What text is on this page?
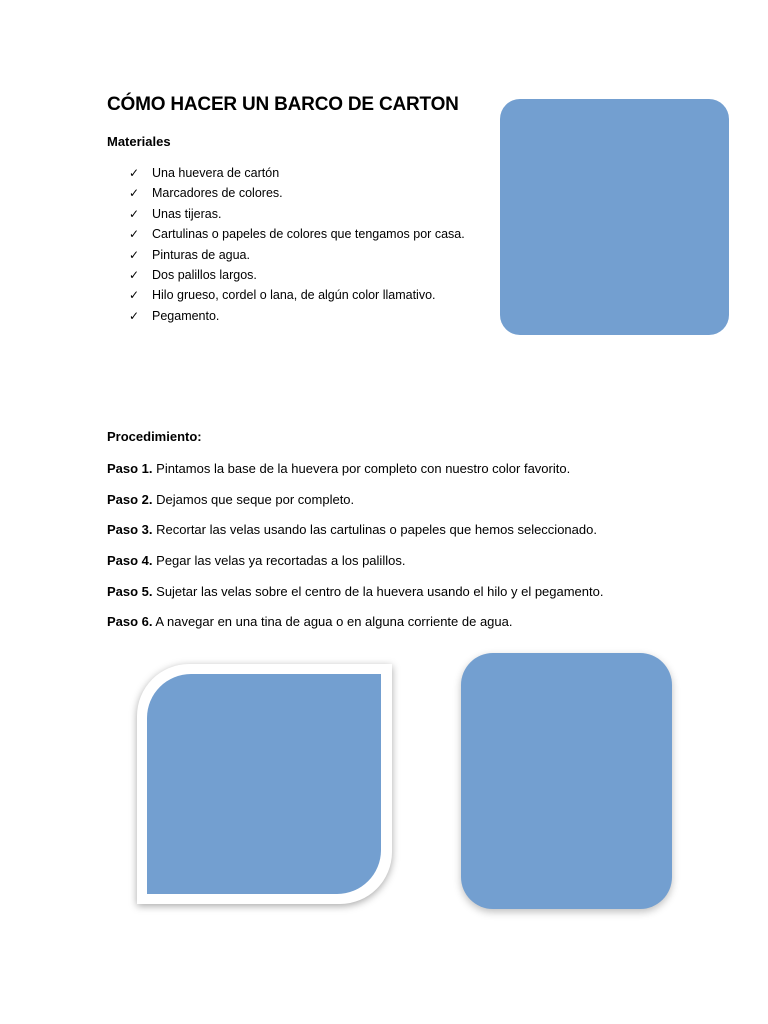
CÓMO HACER UN BARCO DE CARTON
Materiales
✓	Una huevera de cartón
✓	Marcadores de colores.
✓	Unas tijeras.
✓	Cartulinas o papeles de colores que tengamos por casa.
✓	Pinturas de agua.
✓	Dos palillos largos.
✓	Hilo grueso, cordel o lana, de algún color llamativo.
✓	Pegamento.
Procedimiento:
Paso 1. Pintamos la base de la huevera por completo con nuestro color favorito.
Paso 2. Dejamos que seque por completo.
Paso 3. Recortar las velas usando las cartulinas o papeles que hemos seleccionado.
Paso 4. Pegar las velas ya recortadas a los palillos.
Paso 5. Sujetar las velas sobre el centro de la huevera usando el hilo y el pegamento.
Paso 6. A navegar en una tina de agua o en alguna corriente de agua.
